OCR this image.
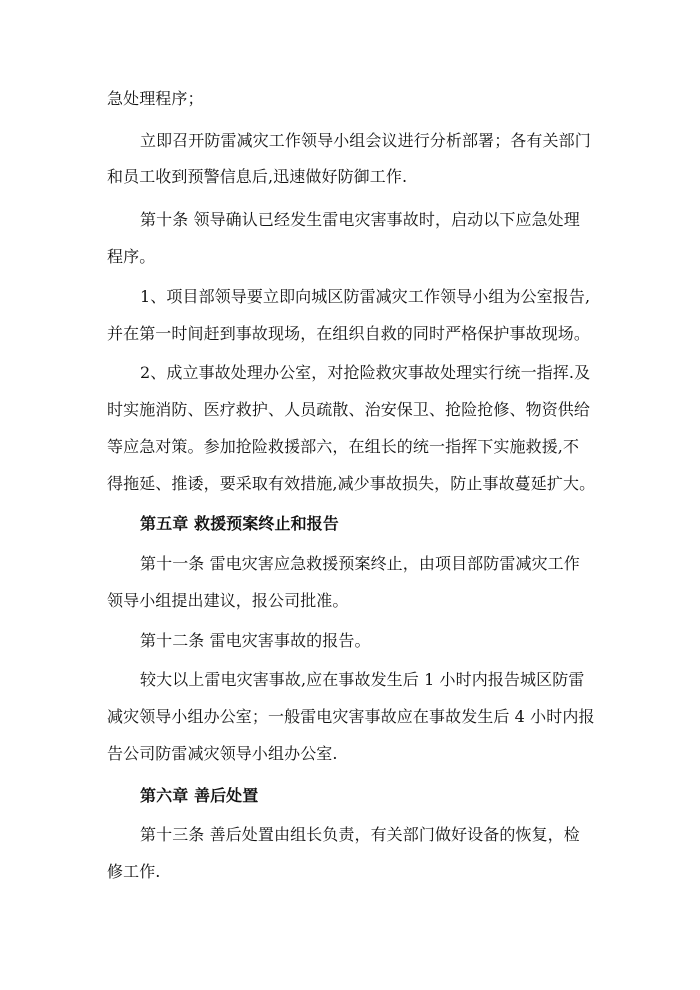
急处理程序；
立即召开防雷减灾工作领导小组会议进行分析部署；各有关部门
和员工收到预警信息后,迅速做好防御工作.
第十条 领导确认已经发生雷电灾害事故时，启动以下应急处理
程序。
1、项目部领导要立即向城区防雷减灾工作领导小组为公室报告,
并在第一时间赶到事故现场，在组织自救的同时严格保护事故现场。
2、成立事故处理办公室，对抢险救灾事故处理实行统一指挥.及
时实施消防、医疗救护、人员疏散、治安保卫、抢险抢修、物资供给
等应急对策。参加抢险救援部六，在组长的统一指挥下实施救援,不
得拖延、推诿，要采取有效措施,减少事故损失，防止事故蔓延扩大。
第五章 救援预案终止和报告
第十一条 雷电灾害应急救援预案终止，由项目部防雷减灾工作
领导小组提出建议，报公司批准。
第十二条 雷电灾害事故的报告。
较大以上雷电灾害事故,应在事故发生后 1 小时内报告城区防雷
减灾领导小组办公室；一般雷电灾害事故应在事故发生后 4 小时内报
告公司防雷减灾领导小组办公室.
第六章 善后处置
第十三条 善后处置由组长负责，有关部门做好设备的恢复，检
修工作.
